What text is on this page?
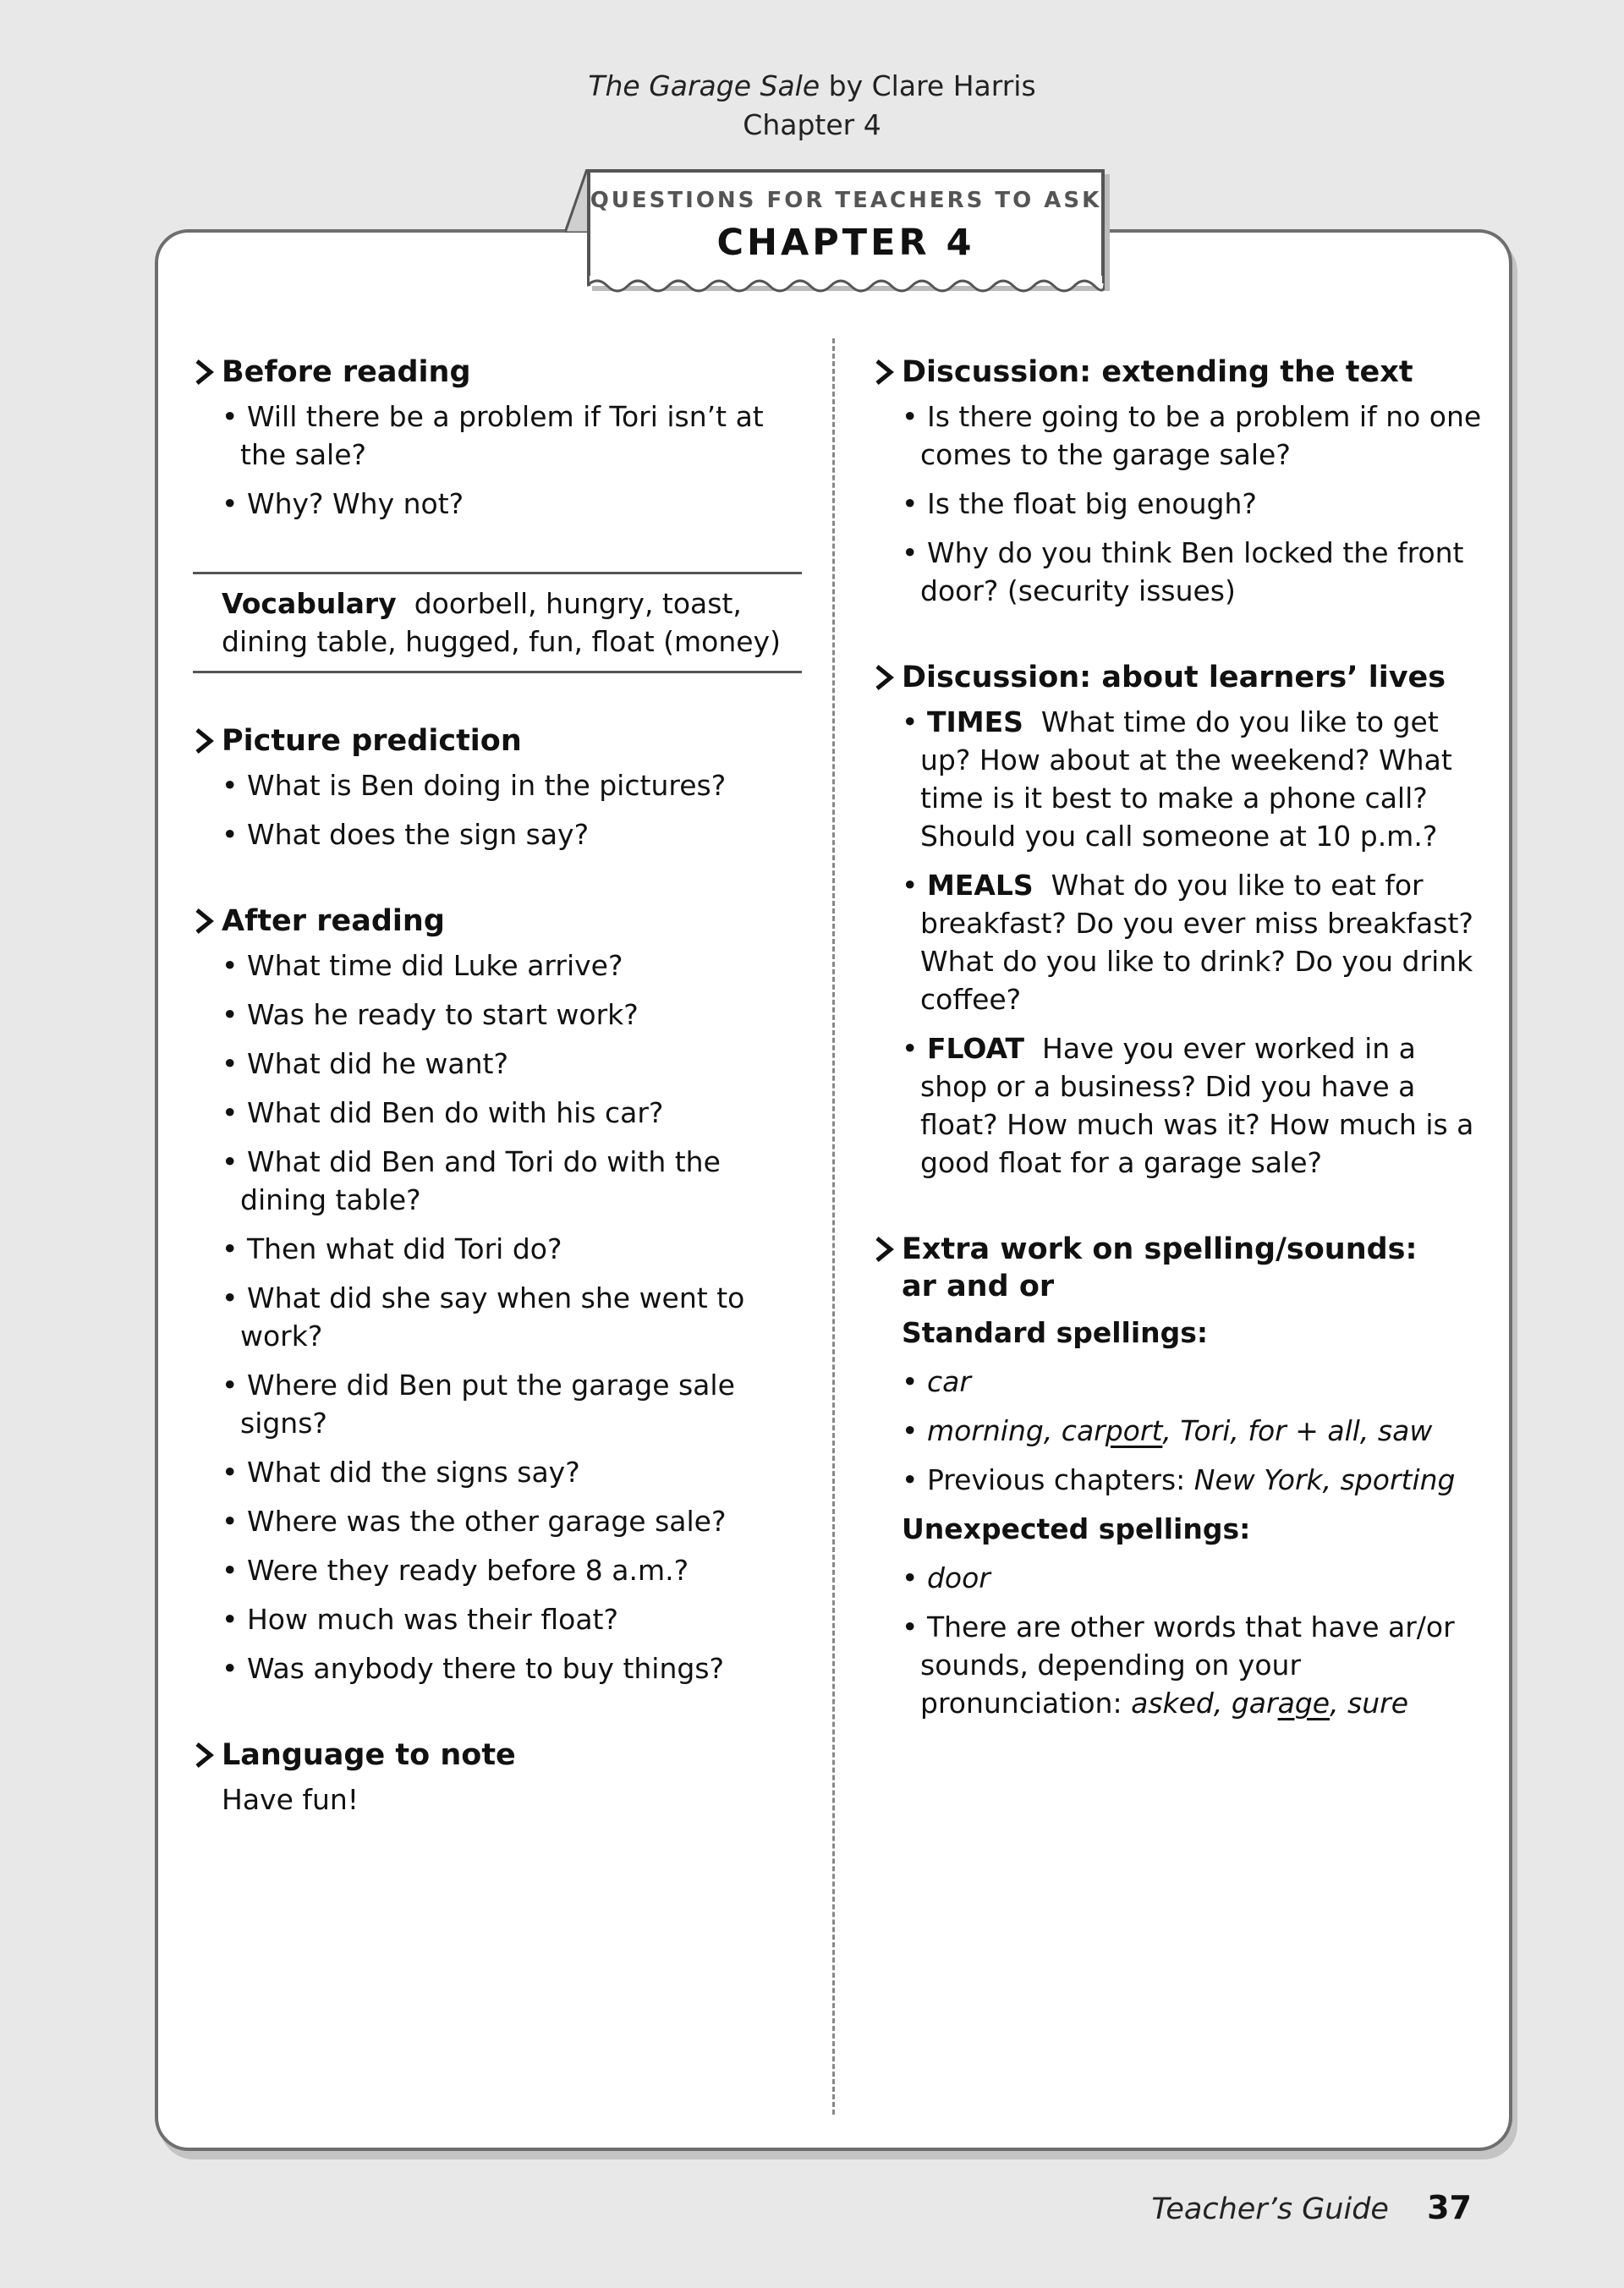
The Garage Sale by Clare Harris
Chapter 4
QUESTIONS FOR TEACHERS TO ASK
CHAPTER 4
Before reading
• Will there be a problem if Tori isn’t at the sale?
• Why? Why not?
Vocabulary doorbell, hungry, toast, dining table, hugged, fun, float (money)
Picture prediction
• What is Ben doing in the pictures?
• What does the sign say?
After reading
• What time did Luke arrive?
• Was he ready to start work?
• What did he want?
• What did Ben do with his car?
• What did Ben and Tori do with the dining table?
• Then what did Tori do?
• What did she say when she went to work?
• Where did Ben put the garage sale signs?
• What did the signs say?
• Where was the other garage sale?
• Were they ready before 8 a.m.?
• How much was their float?
• Was anybody there to buy things?
Language to note
Have fun!
Discussion: extending the text
• Is there going to be a problem if no one comes to the garage sale?
• Is the float big enough?
• Why do you think Ben locked the front door? (security issues)
Discussion: about learners’ lives
• TIMES What time do you like to get up? How about at the weekend? What time is it best to make a phone call? Should you call someone at 10 p.m.?
• MEALS What do you like to eat for breakfast? Do you ever miss breakfast? What do you like to drink? Do you drink coffee?
• FLOAT Have you ever worked in a shop or a business? Did you have a float? How much was it? How much is a good float for a garage sale?
Extra work on spelling/sounds:
ar and or
Standard spellings:
• car
• morning, carport, Tori, for + all, saw
• Previous chapters: New York, sporting
Unexpected spellings:
• door
• There are other words that have ar/or sounds, depending on your pronunciation: asked, garage, sure
Teacher’s Guide 37
